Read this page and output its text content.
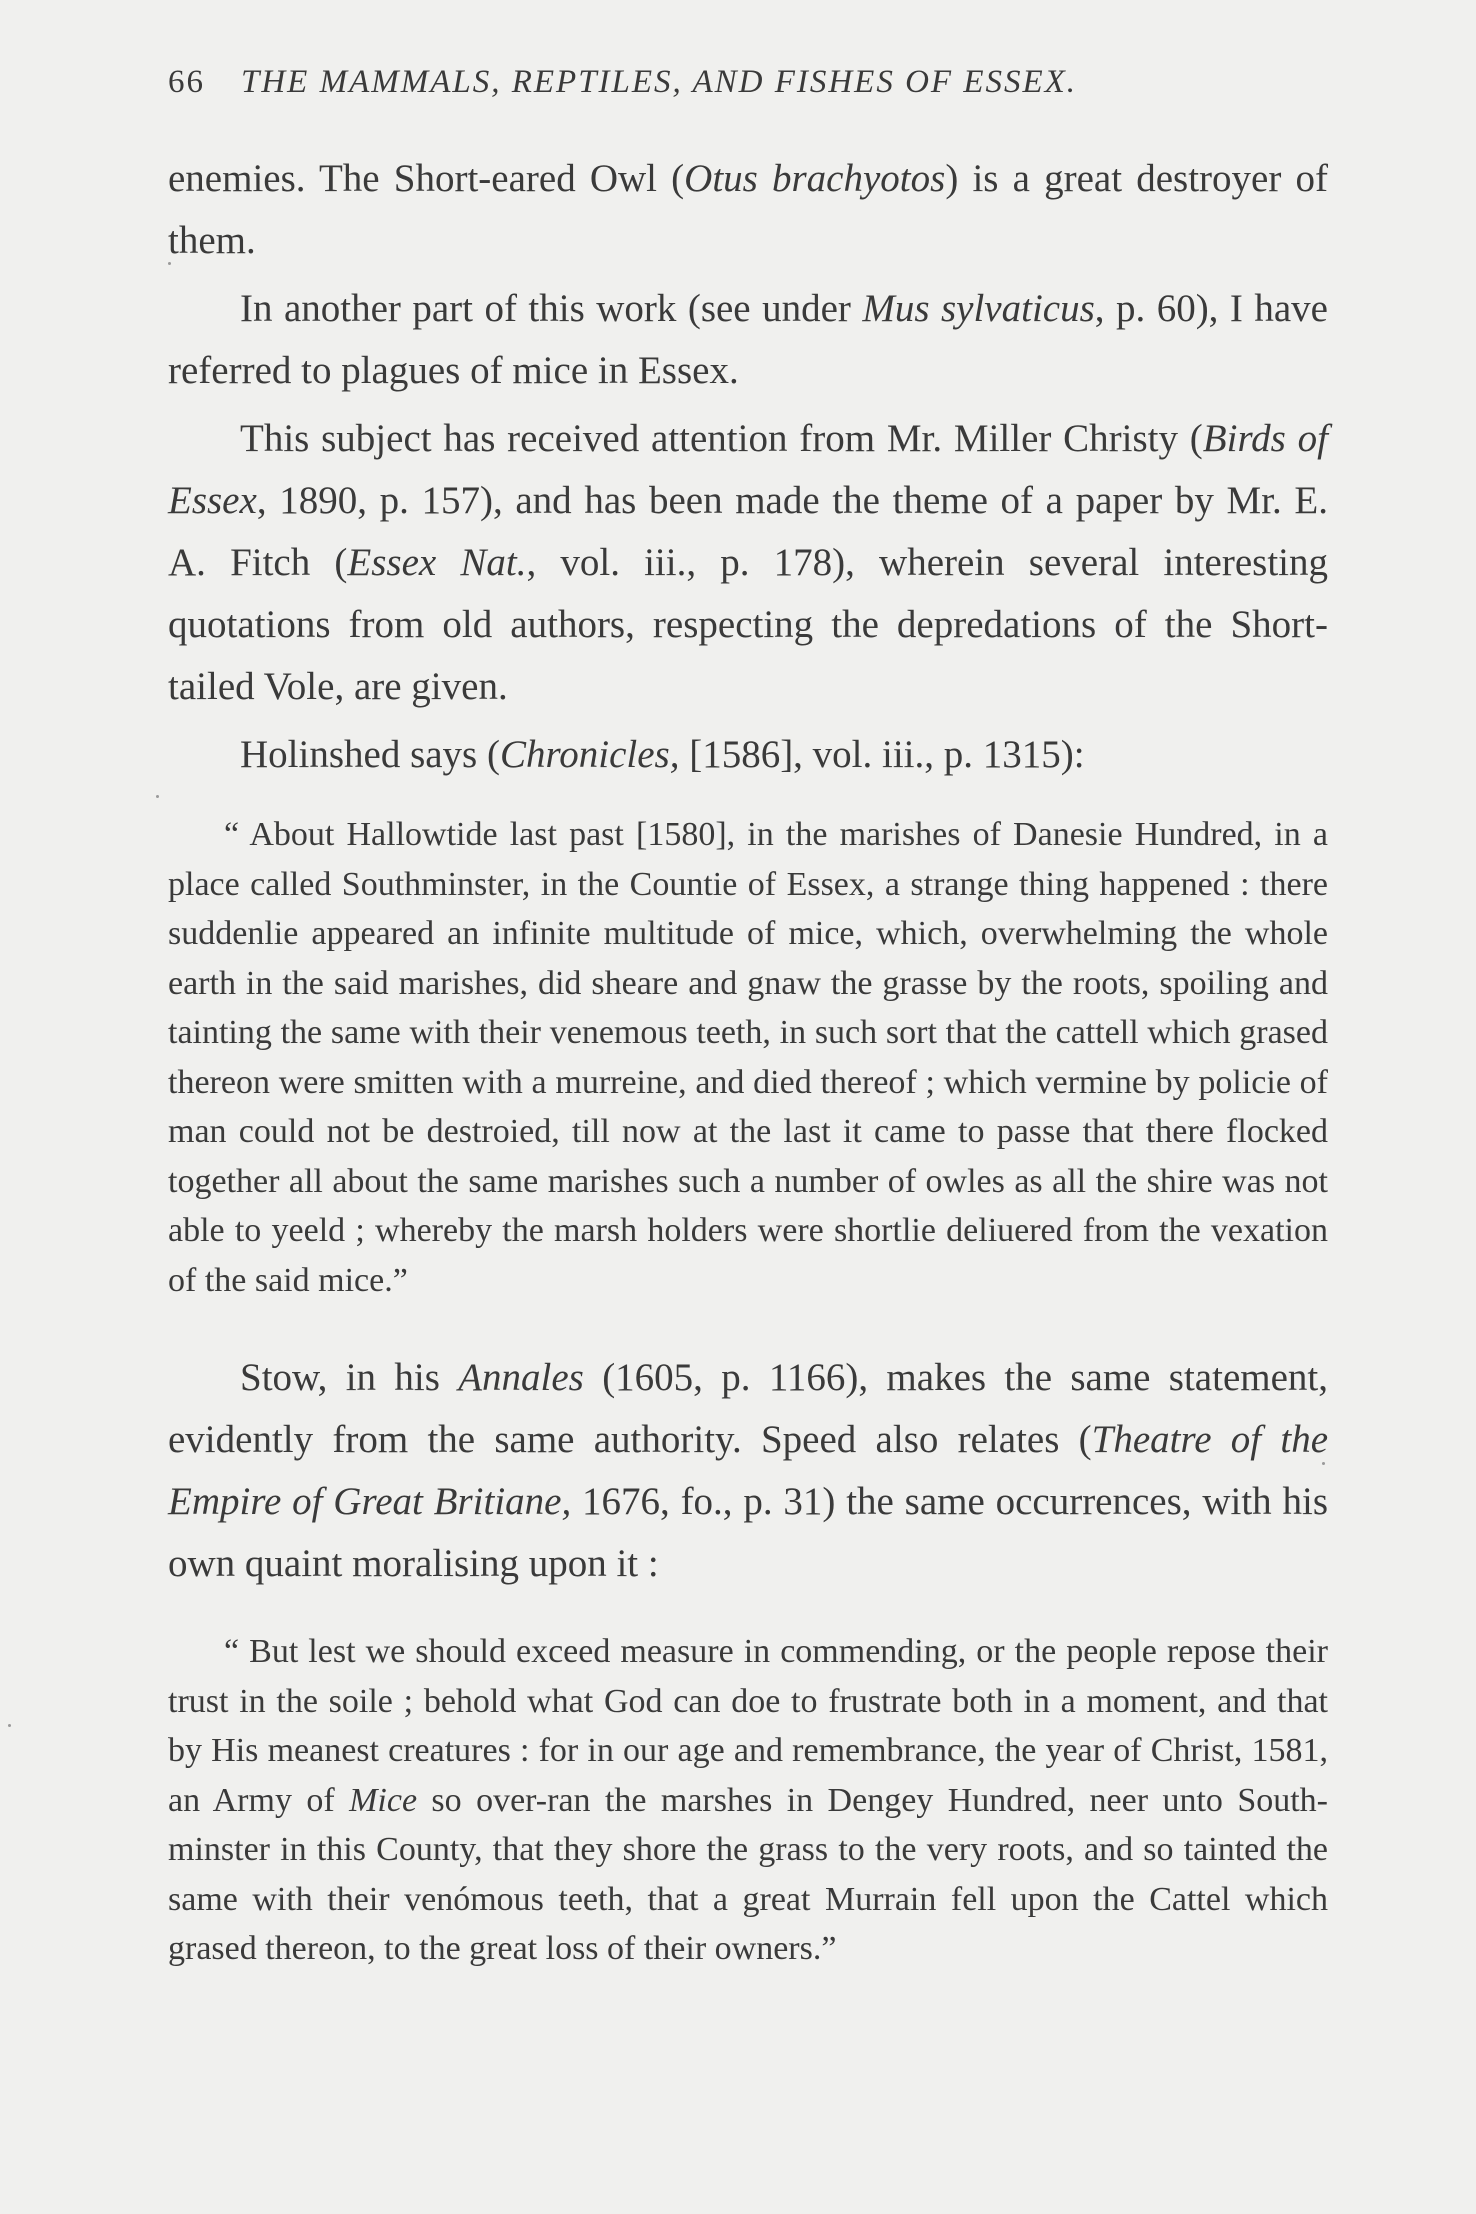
66 THE MAMMALS, REPTILES, AND FISHES OF ESSEX.

enemies. The Short-eared Owl (Otus brachyotos) is a great destroyer of them.

In another part of this work (see under Mus sylvaticus, p. 60), I have referred to plagues of mice in Essex.

This subject has received attention from Mr. Miller Christy (Birds of Essex, 1890, p. 157), and has been made the theme of a paper by Mr. E. A. Fitch (Essex Nat., vol. iii., p. 178), wherein several interesting quotations from old authors, respecting the depredations of the Short-tailed Vole, are given.

Holinshed says (Chronicles, [1586], vol. iii., p. 1315):

“ About Hallowtide last past [1580], in the marishes of Danesie Hundred, in a place called Southminster, in the Countie of Essex, a strange thing happened : there suddenlie appeared an infinite multitude of mice, which, overwhelming the whole earth in the said marishes, did sheare and gnaw the grasse by the roots, spoiling and tainting the same with their venemous teeth, in such sort that the cattell which grased thereon were smitten with a murreine, and died thereof ; which vermine by policie of man could not be destroied, till now at the last it came to passe that there flocked together all about the same marishes such a number of owles as all the shire was not able to yeeld ; whereby the marsh holders were shortlie deliuered from the vexation of the said mice.”

Stow, in his Annales (1605, p. 1166), makes the same statement, evidently from the same authority. Speed also relates (Theatre of the Empire of Great Britiane, 1676, fo., p. 31) the same occurrences, with his own quaint moralising upon it :

“ But lest we should exceed measure in commending, or the people repose their trust in the soile ; behold what God can doe to frustrate both in a moment, and that by His meanest creatures : for in our age and remembrance, the year of Christ, 1581, an Army of Mice so over-ran the marshes in Dengey Hundred, neer unto South-minster in this County, that they shore the grass to the very roots, and so tainted the same with their venómous teeth, that a great Murrain fell upon the Cattel which grased thereon, to the great loss of their owners.”
